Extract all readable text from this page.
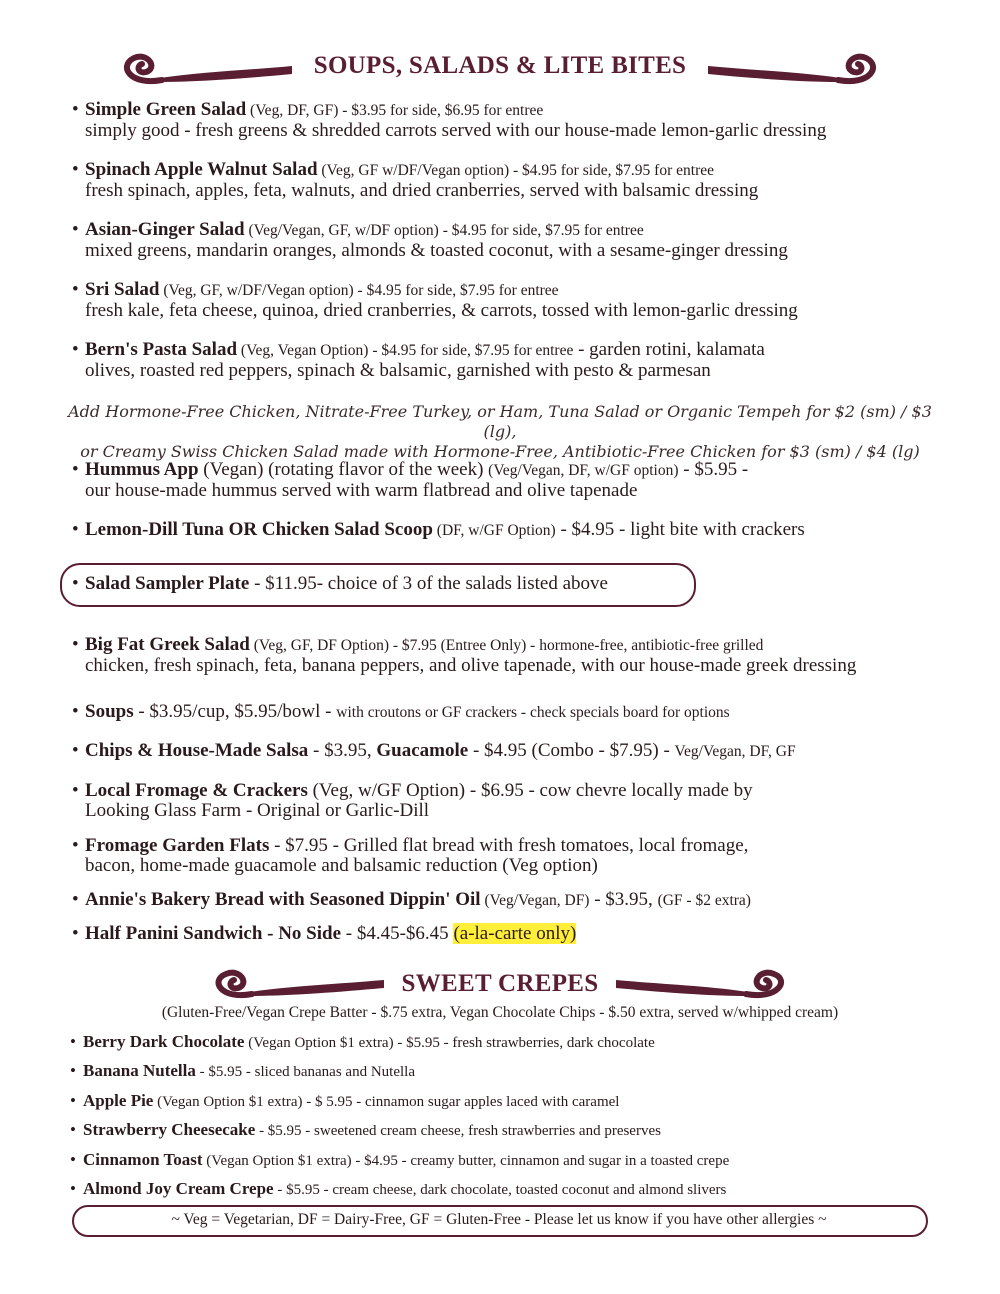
SOUPS, SALADS & LITE BITES
• Simple Green Salad (Veg, DF, GF) - $3.95 for side, $6.95 for entree
simply good - fresh greens & shredded carrots served with our house-made lemon-garlic dressing
• Spinach Apple Walnut Salad (Veg, GF w/DF/Vegan option) - $4.95 for side, $7.95 for entree
fresh spinach, apples, feta, walnuts, and dried cranberries, served with balsamic dressing
• Asian-Ginger Salad (Veg/Vegan, GF, w/DF option) - $4.95 for side, $7.95 for entree
mixed greens, mandarin oranges, almonds & toasted coconut, with a sesame-ginger dressing
• Sri Salad (Veg, GF, w/DF/Vegan option) - $4.95 for side, $7.95 for entree
fresh kale, feta cheese, quinoa, dried cranberries, & carrots, tossed with lemon-garlic dressing
• Bern's Pasta Salad (Veg, Vegan Option) - $4.95 for side, $7.95 for entree - garden rotini, kalamata
olives, roasted red peppers, spinach & balsamic, garnished with pesto & parmesan
Add Hormone-Free Chicken, Nitrate-Free Turkey, or Ham, Tuna Salad or Organic Tempeh for $2 (sm) / $3 (lg),
or Creamy Swiss Chicken Salad made with Hormone-Free, Antibiotic-Free Chicken for $3 (sm) / $4 (lg)
• Hummus App (Vegan) (rotating flavor of the week) (Veg/Vegan, DF, w/GF option) - $5.95 -
our house-made hummus served with warm flatbread and olive tapenade
• Lemon-Dill Tuna OR Chicken Salad Scoop (DF, w/GF Option) - $4.95 - light bite with crackers
• Salad Sampler Plate - $11.95- choice of 3 of the salads listed above
• Big Fat Greek Salad (Veg, GF, DF Option) - $7.95 (Entree Only) - hormone-free, antibiotic-free grilled
chicken, fresh spinach, feta, banana peppers, and olive tapenade, with our house-made greek dressing
• Soups - $3.95/cup, $5.95/bowl - with croutons or GF crackers - check specials board for options
• Chips & House-Made Salsa - $3.95, Guacamole - $4.95 (Combo - $7.95) - Veg/Vegan, DF, GF
• Local Fromage & Crackers (Veg, w/GF Option) - $6.95 - cow chevre locally made by
Looking Glass Farm - Original or Garlic-Dill
• Fromage Garden Flats - $7.95 - Grilled flat bread with fresh tomatoes, local fromage,
bacon, home-made guacamole and balsamic reduction (Veg option)
• Annie's Bakery Bread with Seasoned Dippin' Oil (Veg/Vegan, DF) - $3.95, (GF - $2 extra)
• Half Panini Sandwich - No Side - $4.45-$6.45 (a-la-carte only)
SWEET CREPES
(Gluten-Free/Vegan Crepe Batter - $.75 extra, Vegan Chocolate Chips - $.50 extra, served w/whipped cream)
• Berry Dark Chocolate (Vegan Option $1 extra) - $5.95 - fresh strawberries, dark chocolate
• Banana Nutella - $5.95 - sliced bananas and Nutella
• Apple Pie (Vegan Option $1 extra) - $ 5.95 - cinnamon sugar apples laced with caramel
• Strawberry Cheesecake - $5.95 - sweetened cream cheese, fresh strawberries and preserves
• Cinnamon Toast (Vegan Option $1 extra) - $4.95 - creamy butter, cinnamon and sugar in a toasted crepe
• Almond Joy Cream Crepe - $5.95 - cream cheese, dark chocolate, toasted coconut and almond slivers
~ Veg = Vegetarian, DF = Dairy-Free, GF = Gluten-Free - Please let us know if you have other allergies ~
